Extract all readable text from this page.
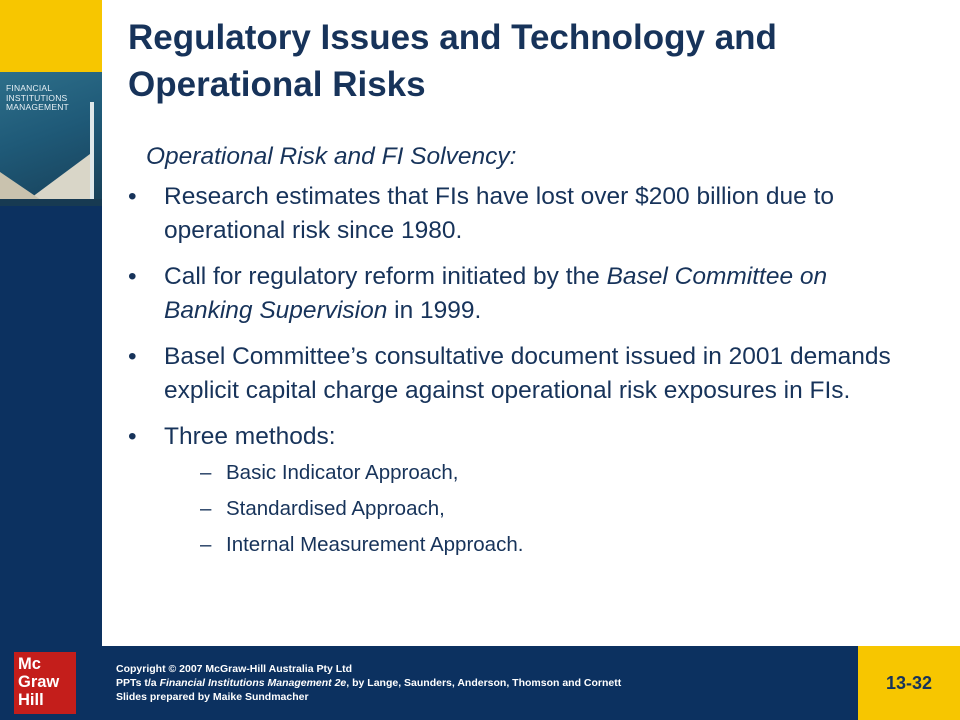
FINANCIAL
INSTITUTIONS
MANAGEMENT
Regulatory Issues and Technology and Operational Risks
Operational Risk and FI Solvency:
• Research estimates that FIs have lost over $200 billion due to operational risk since 1980.
• Call for regulatory reform initiated by the Basel Committee on Banking Supervision in 1999.
• Basel Committee’s consultative document issued in 2001 demands explicit capital charge against operational risk exposures in FIs.
• Three methods:
– Basic Indicator Approach,
– Standardised Approach,
– Internal Measurement Approach.
Mc
Graw
Hill
Copyright © 2007 McGraw-Hill Australia Pty Ltd
PPTs t/a Financial Institutions Management 2e, by Lange, Saunders, Anderson, Thomson and Cornett
Slides prepared by Maike Sundmacher
13-32
